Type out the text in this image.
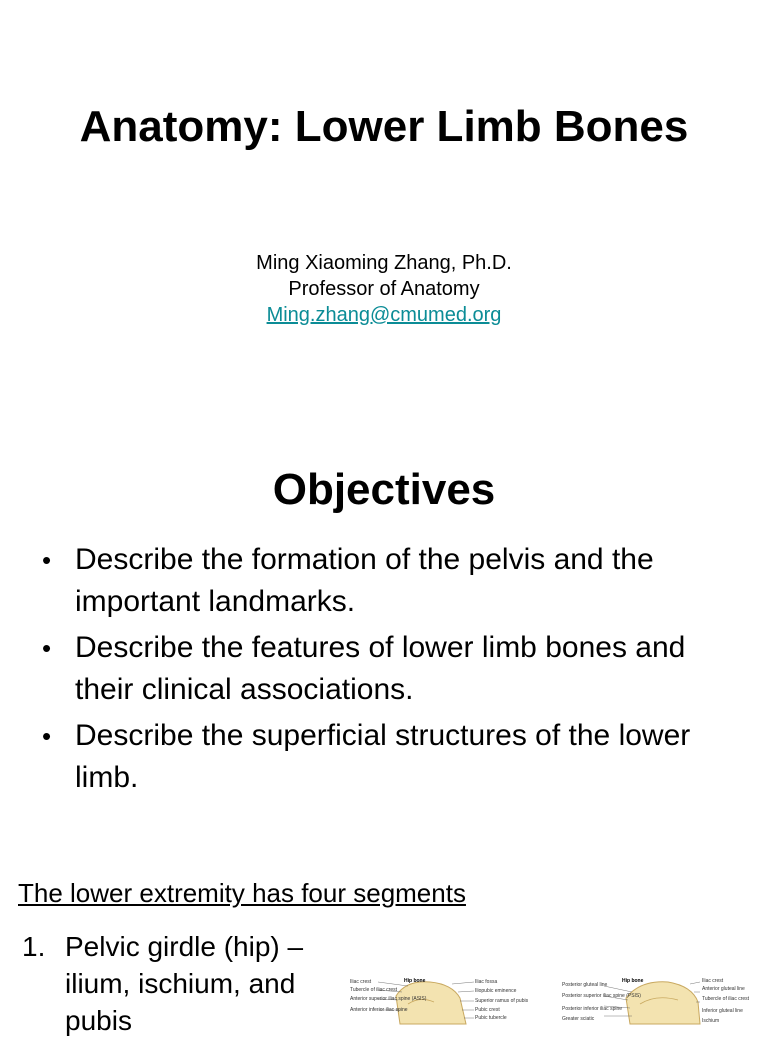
Anatomy: Lower Limb Bones
Ming Xiaoming Zhang, Ph.D.
Professor of Anatomy
Ming.zhang@cmumed.org
Objectives
• Describe the formation of the pelvis and the important landmarks.
• Describe the features of lower limb bones and their clinical associations.
• Describe the superficial structures of the lower limb.
The lower extremity has four segments
1. Pelvic girdle (hip) – ilium, ischium, and pubis
Hip bone
Iliac crest
Tubercle of iliac crest
Anterior superior iliac spine (ASIS)
Anterior inferior iliac spine
Iliac fossa
Iliopubic eminence
Superior ramus of pubis
Pubic crest
Pubic tubercle
Hip bone
Posterior gluteal line
Posterior superior iliac spine (PSIS)
Posterior inferior iliac spine
Greater sciatic
Iliac crest
Anterior gluteal line
Tubercle of iliac crest
Inferior gluteal line
Ischium
